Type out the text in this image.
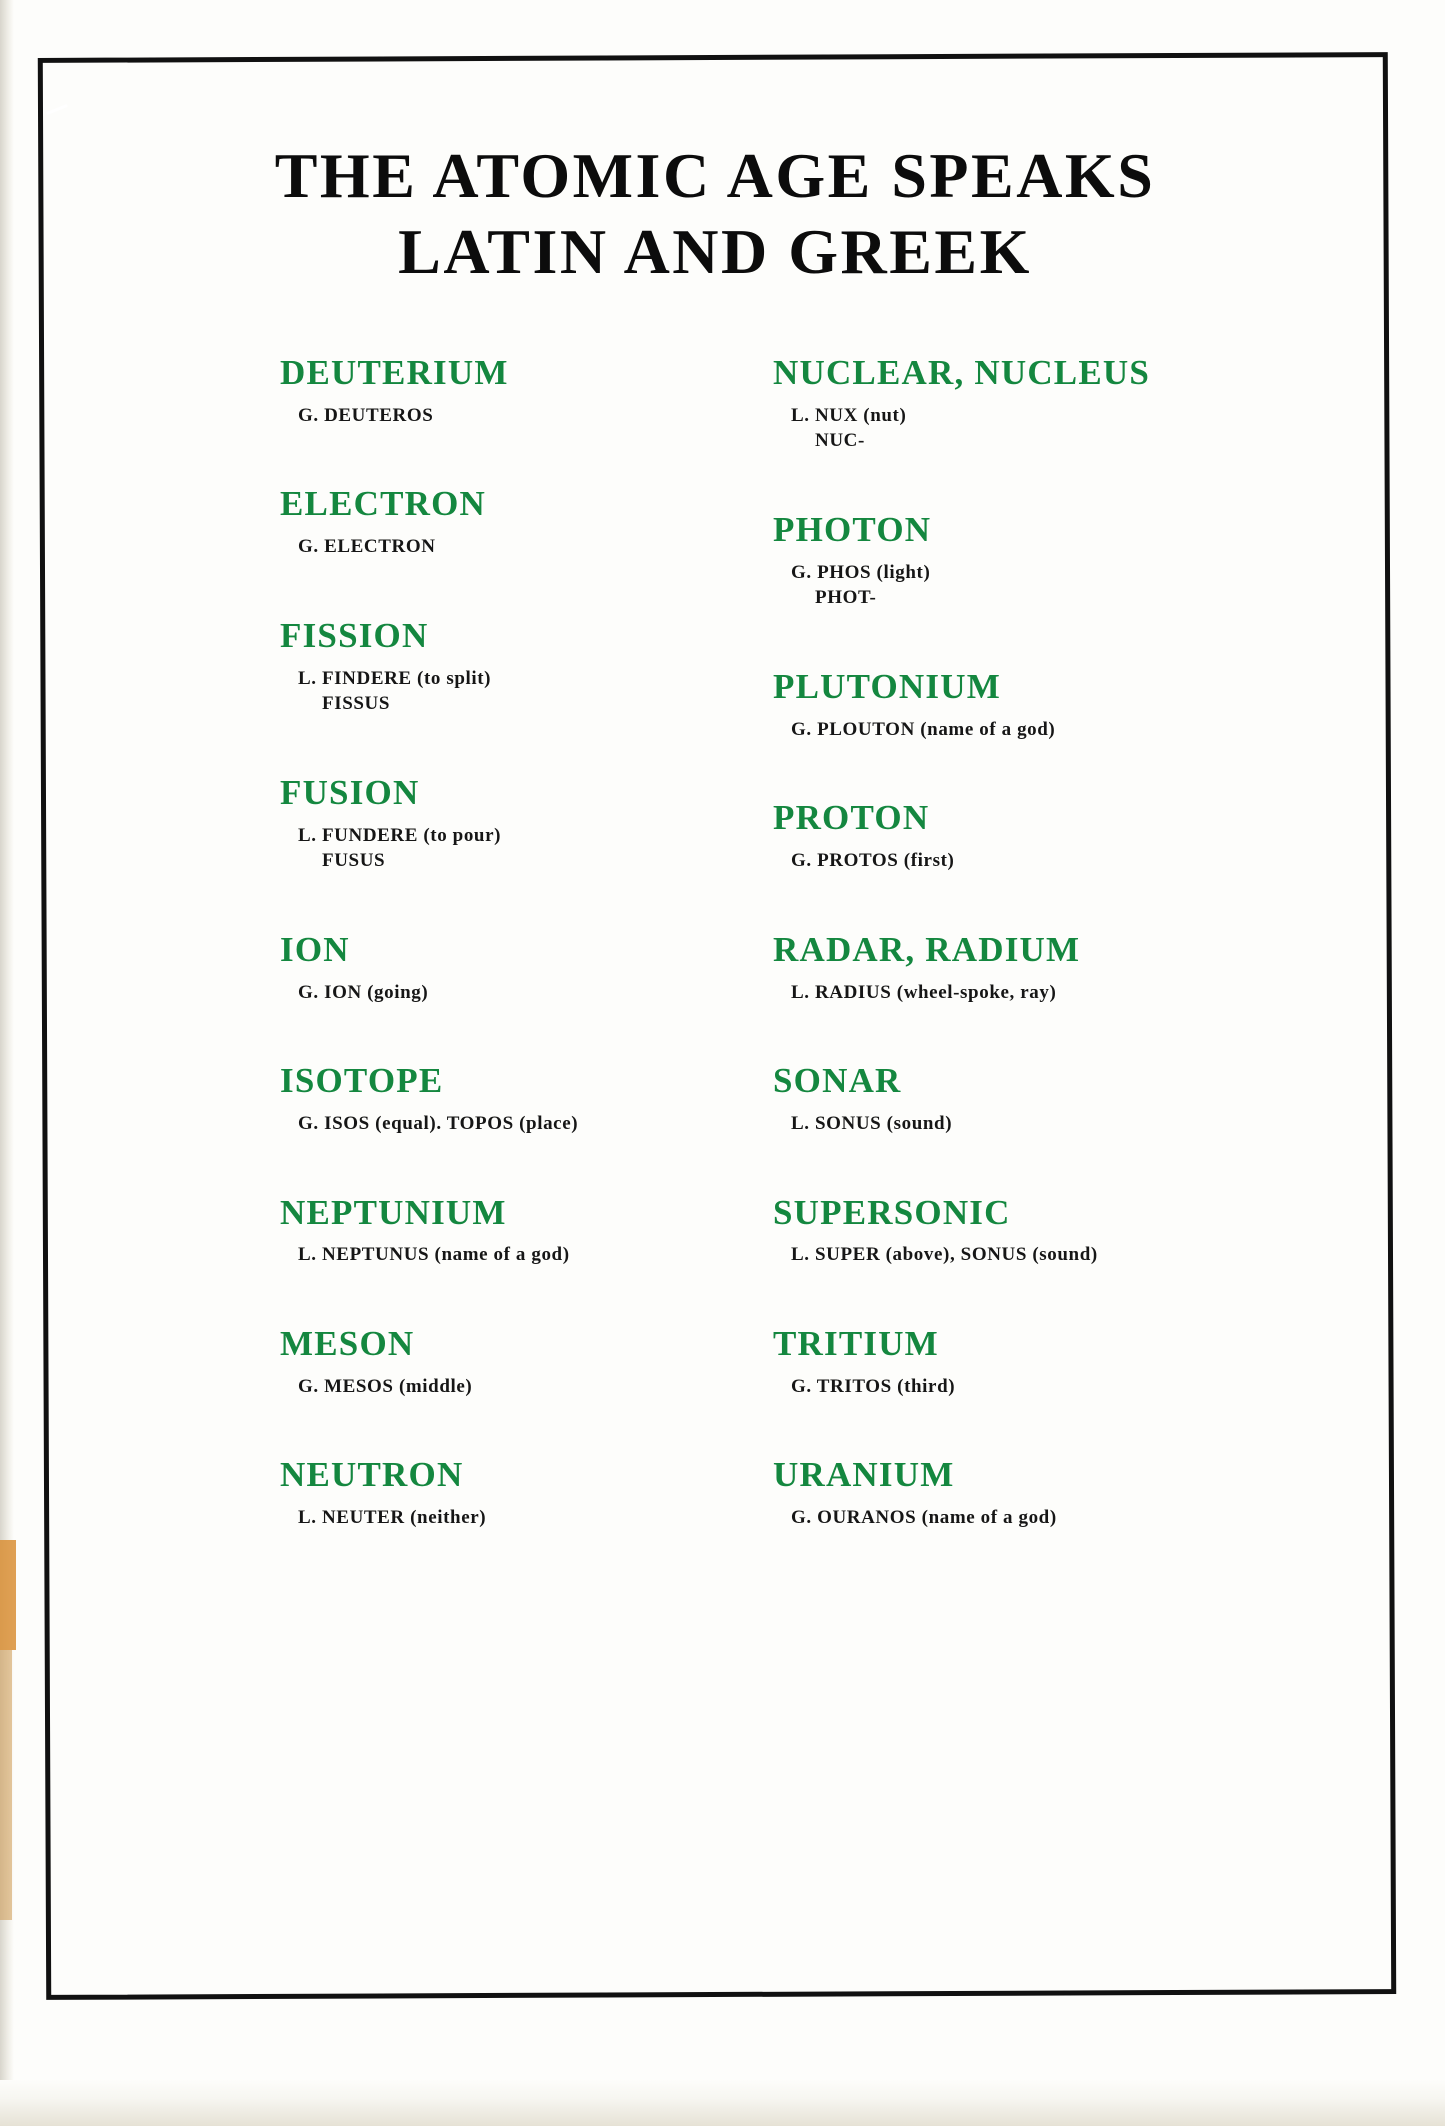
THE ATOMIC AGE SPEAKS
LATIN AND GREEK
DEUTERIUM
G. DEUTEROS
ELECTRON
G. ELECTRON
FISSION
L. FINDERE (to split)
FISSUS
FUSION
L. FUNDERE (to pour)
FUSUS
ION
G. ION (going)
ISOTOPE
G. ISOS (equal). TOPOS (place)
NEPTUNIUM
L. NEPTUNUS (name of a god)
MESON
G. MESOS (middle)
NEUTRON
L. NEUTER (neither)
NUCLEAR, NUCLEUS
L. NUX (nut)
NUC-
PHOTON
G. PHOS (light)
PHOT-
PLUTONIUM
G. PLOUTON (name of a god)
PROTON
G. PROTOS (first)
RADAR, RADIUM
L. RADIUS (wheel-spoke, ray)
SONAR
L. SONUS (sound)
SUPERSONIC
L. SUPER (above), SONUS (sound)
TRITIUM
G. TRITOS (third)
URANIUM
G. OURANOS (name of a god)
